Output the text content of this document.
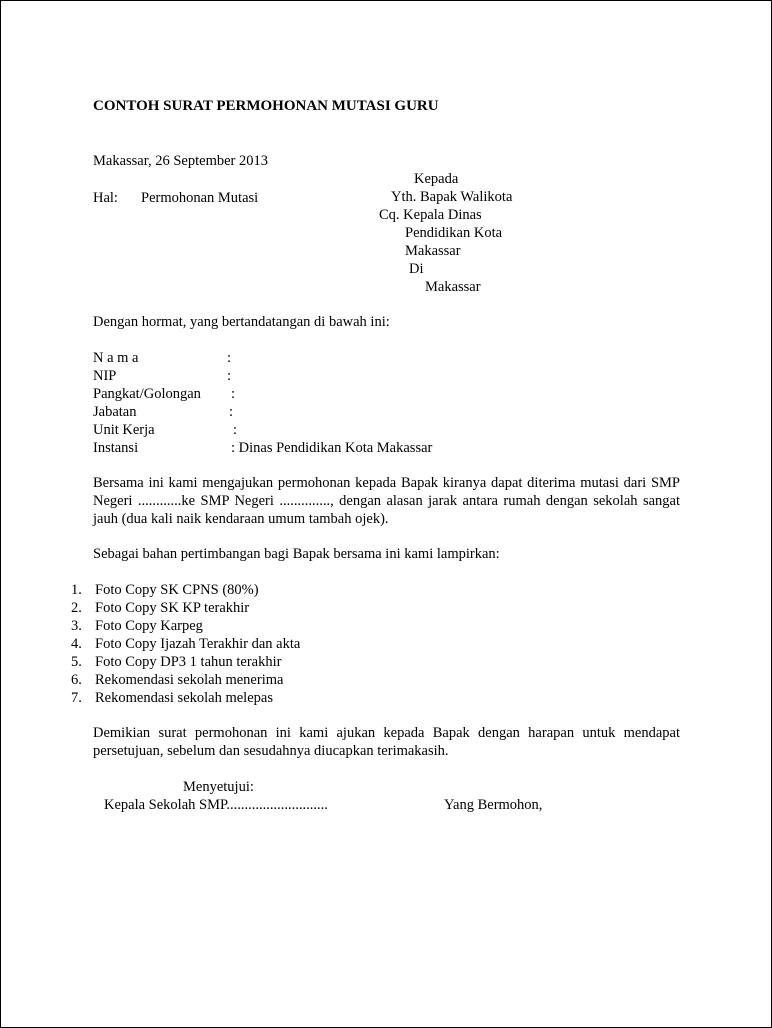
CONTOH SURAT PERMOHONAN MUTASI GURU
Makassar, 26 September 2013
Kepada
Yth. Bapak Walikota
Cq. Kepala Dinas
Pendidikan Kota
Makassar
Di
Makassar
Hal: Permohonan Mutasi
Dengan hormat, yang bertandatangan di bawah ini:
N a m a	:
NIP	:
Pangkat/Golongan :
Jabatan	:
Unit Kerja	:
Instansi	: Dinas Pendidikan Kota Makassar
Bersama ini kami mengajukan permohonan kepada Bapak kiranya dapat diterima mutasi dari SMP Negeri ............ke SMP Negeri .............., dengan alasan jarak antara rumah dengan sekolah sangat jauh (dua kali naik kendaraan umum tambah ojek).
Sebagai bahan pertimbangan bagi Bapak bersama ini kami lampirkan:
1. Foto Copy SK CPNS (80%)
2. Foto Copy SK KP terakhir
3. Foto Copy Karpeg
4. Foto Copy Ijazah Terakhir dan akta
5. Foto Copy DP3 1 tahun terakhir
6. Rekomendasi sekolah menerima
7. Rekomendasi sekolah melepas
Demikian surat permohonan ini kami ajukan kepada Bapak dengan harapan untuk mendapat persetujuan, sebelum dan sesudahnya diucapkan terimakasih.
Menyetujui:
Kepala Sekolah SMP............................	Yang Bermohon,
